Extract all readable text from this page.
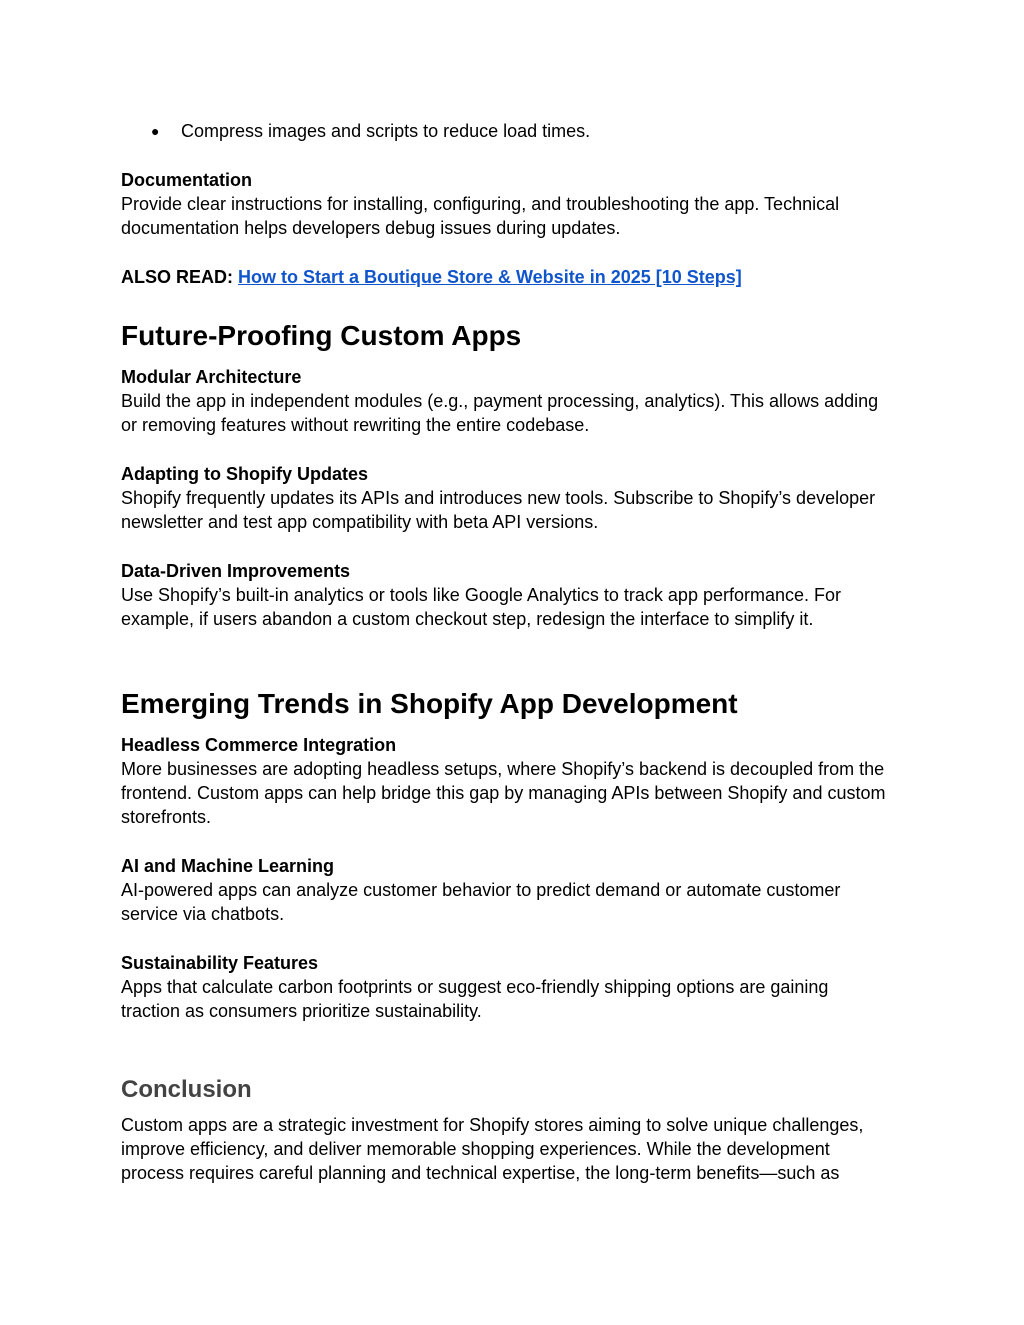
● Compress images and scripts to reduce load times.
Documentation
Provide clear instructions for installing, configuring, and troubleshooting the app. Technical
documentation helps developers debug issues during updates.
ALSO READ: How to Start a Boutique Store & Website in 2025 [10 Steps]
Future-Proofing Custom Apps
Modular Architecture
Build the app in independent modules (e.g., payment processing, analytics). This allows adding
or removing features without rewriting the entire codebase.
Adapting to Shopify Updates
Shopify frequently updates its APIs and introduces new tools. Subscribe to Shopify’s developer
newsletter and test app compatibility with beta API versions.
Data-Driven Improvements
Use Shopify’s built-in analytics or tools like Google Analytics to track app performance. For
example, if users abandon a custom checkout step, redesign the interface to simplify it.
Emerging Trends in Shopify App Development
Headless Commerce Integration
More businesses are adopting headless setups, where Shopify’s backend is decoupled from the
frontend. Custom apps can help bridge this gap by managing APIs between Shopify and custom
storefronts.
AI and Machine Learning
AI-powered apps can analyze customer behavior to predict demand or automate customer
service via chatbots.
Sustainability Features
Apps that calculate carbon footprints or suggest eco-friendly shipping options are gaining
traction as consumers prioritize sustainability.
Conclusion
Custom apps are a strategic investment for Shopify stores aiming to solve unique challenges,
improve efficiency, and deliver memorable shopping experiences. While the development
process requires careful planning and technical expertise, the long-term benefits—such as
